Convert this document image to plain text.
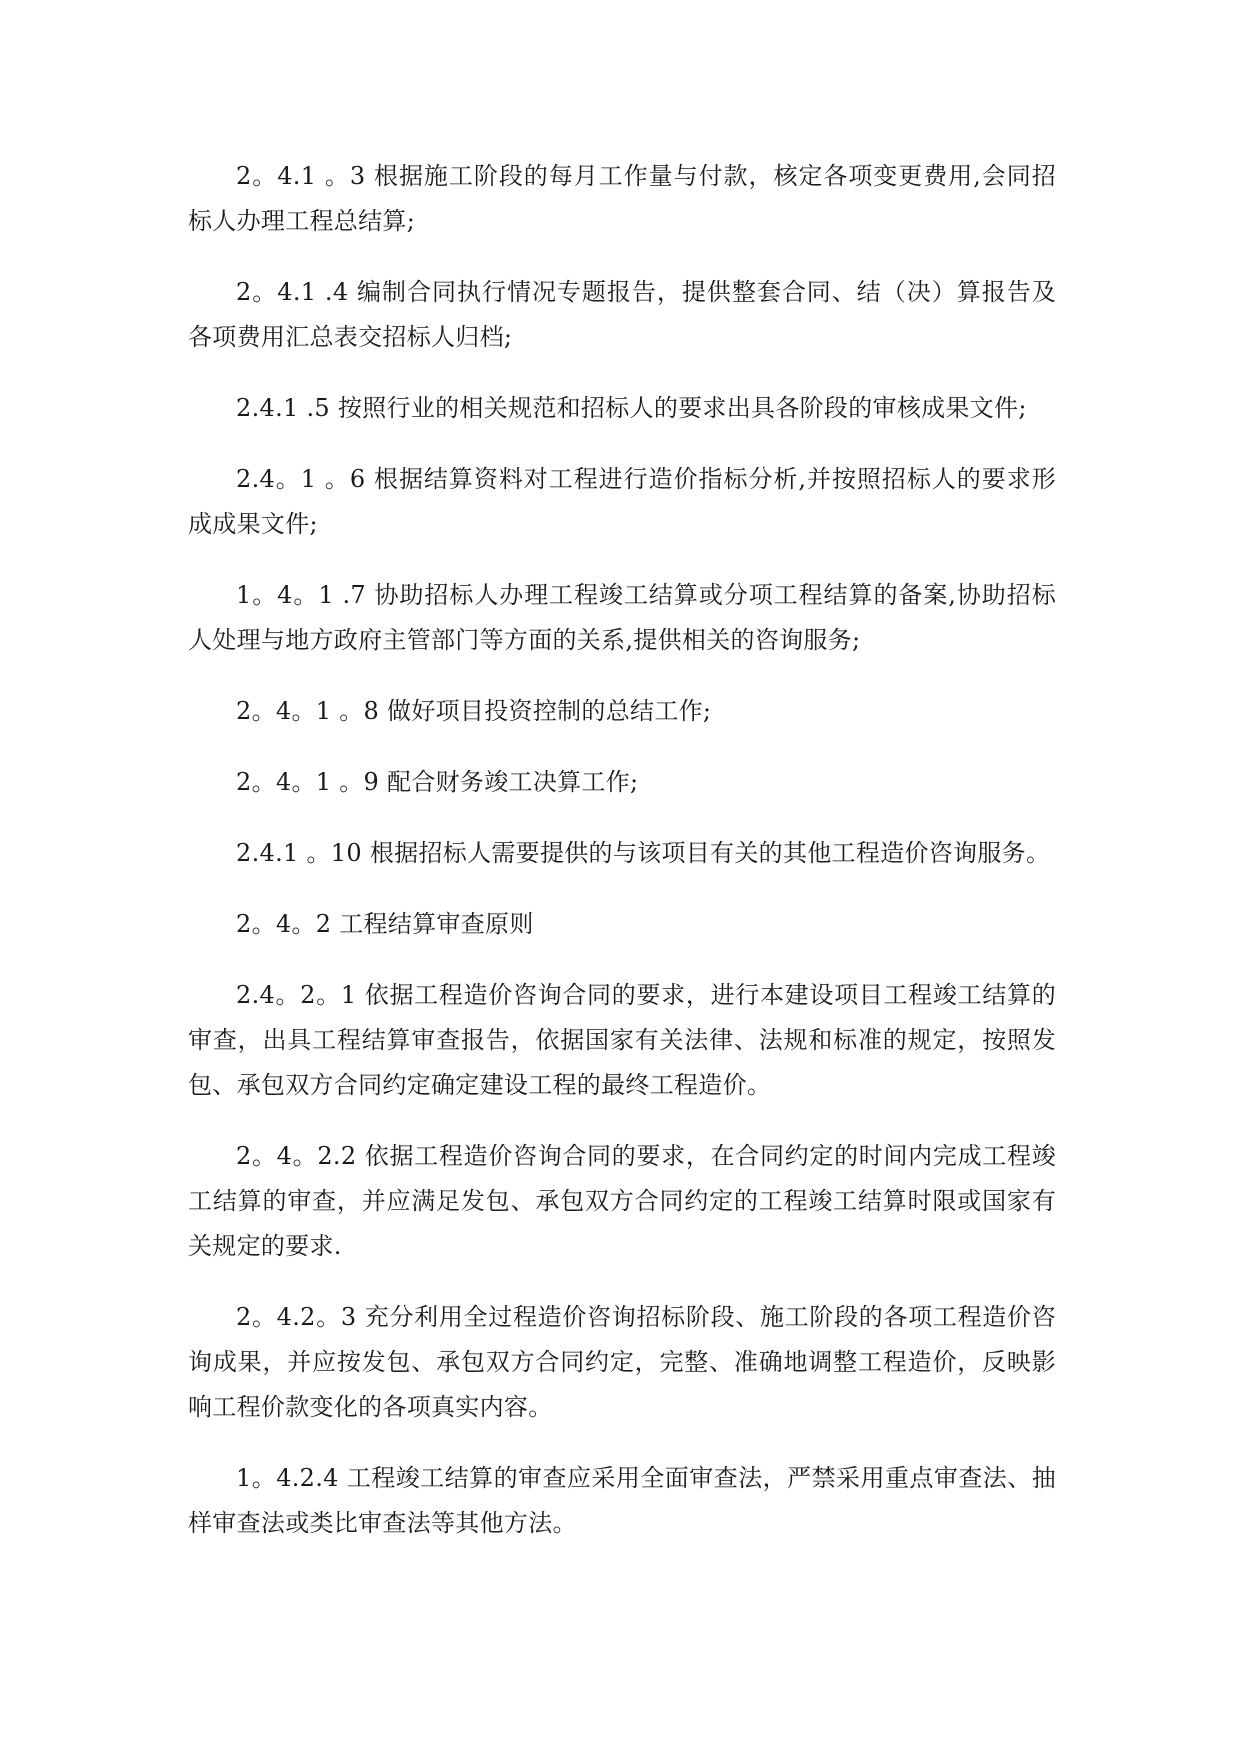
2。4.1 。3 根据施工阶段的每月工作量与付款，核定各项变更费用,会同招标人办理工程总结算;

2。4.1 .4 编制合同执行情况专题报告，提供整套合同、结（决）算报告及各项费用汇总表交招标人归档;

2.4.1 .5 按照行业的相关规范和招标人的要求出具各阶段的审核成果文件;

2.4。1 。6 根据结算资料对工程进行造价指标分析,并按照招标人的要求形成成果文件;

1。4。1 .7 协助招标人办理工程竣工结算或分项工程结算的备案,协助招标人处理与地方政府主管部门等方面的关系,提供相关的咨询服务;

2。4。1 。8 做好项目投资控制的总结工作;

2。4。1 。9 配合财务竣工决算工作;

2.4.1 。10 根据招标人需要提供的与该项目有关的其他工程造价咨询服务。

2。4。2 工程结算审查原则

2.4。2。1 依据工程造价咨询合同的要求，进行本建设项目工程竣工结算的审查，出具工程结算审查报告，依据国家有关法律、法规和标准的规定，按照发包、承包双方合同约定确定建设工程的最终工程造价。

2。4。2.2 依据工程造价咨询合同的要求，在合同约定的时间内完成工程竣工结算的审查，并应满足发包、承包双方合同约定的工程竣工结算时限或国家有关规定的要求.

2。4.2。3 充分利用全过程造价咨询招标阶段、施工阶段的各项工程造价咨询成果，并应按发包、承包双方合同约定，完整、准确地调整工程造价，反映影响工程价款变化的各项真实内容。

1。4.2.4 工程竣工结算的审查应采用全面审查法，严禁采用重点审查法、抽样审查法或类比审查法等其他方法。
